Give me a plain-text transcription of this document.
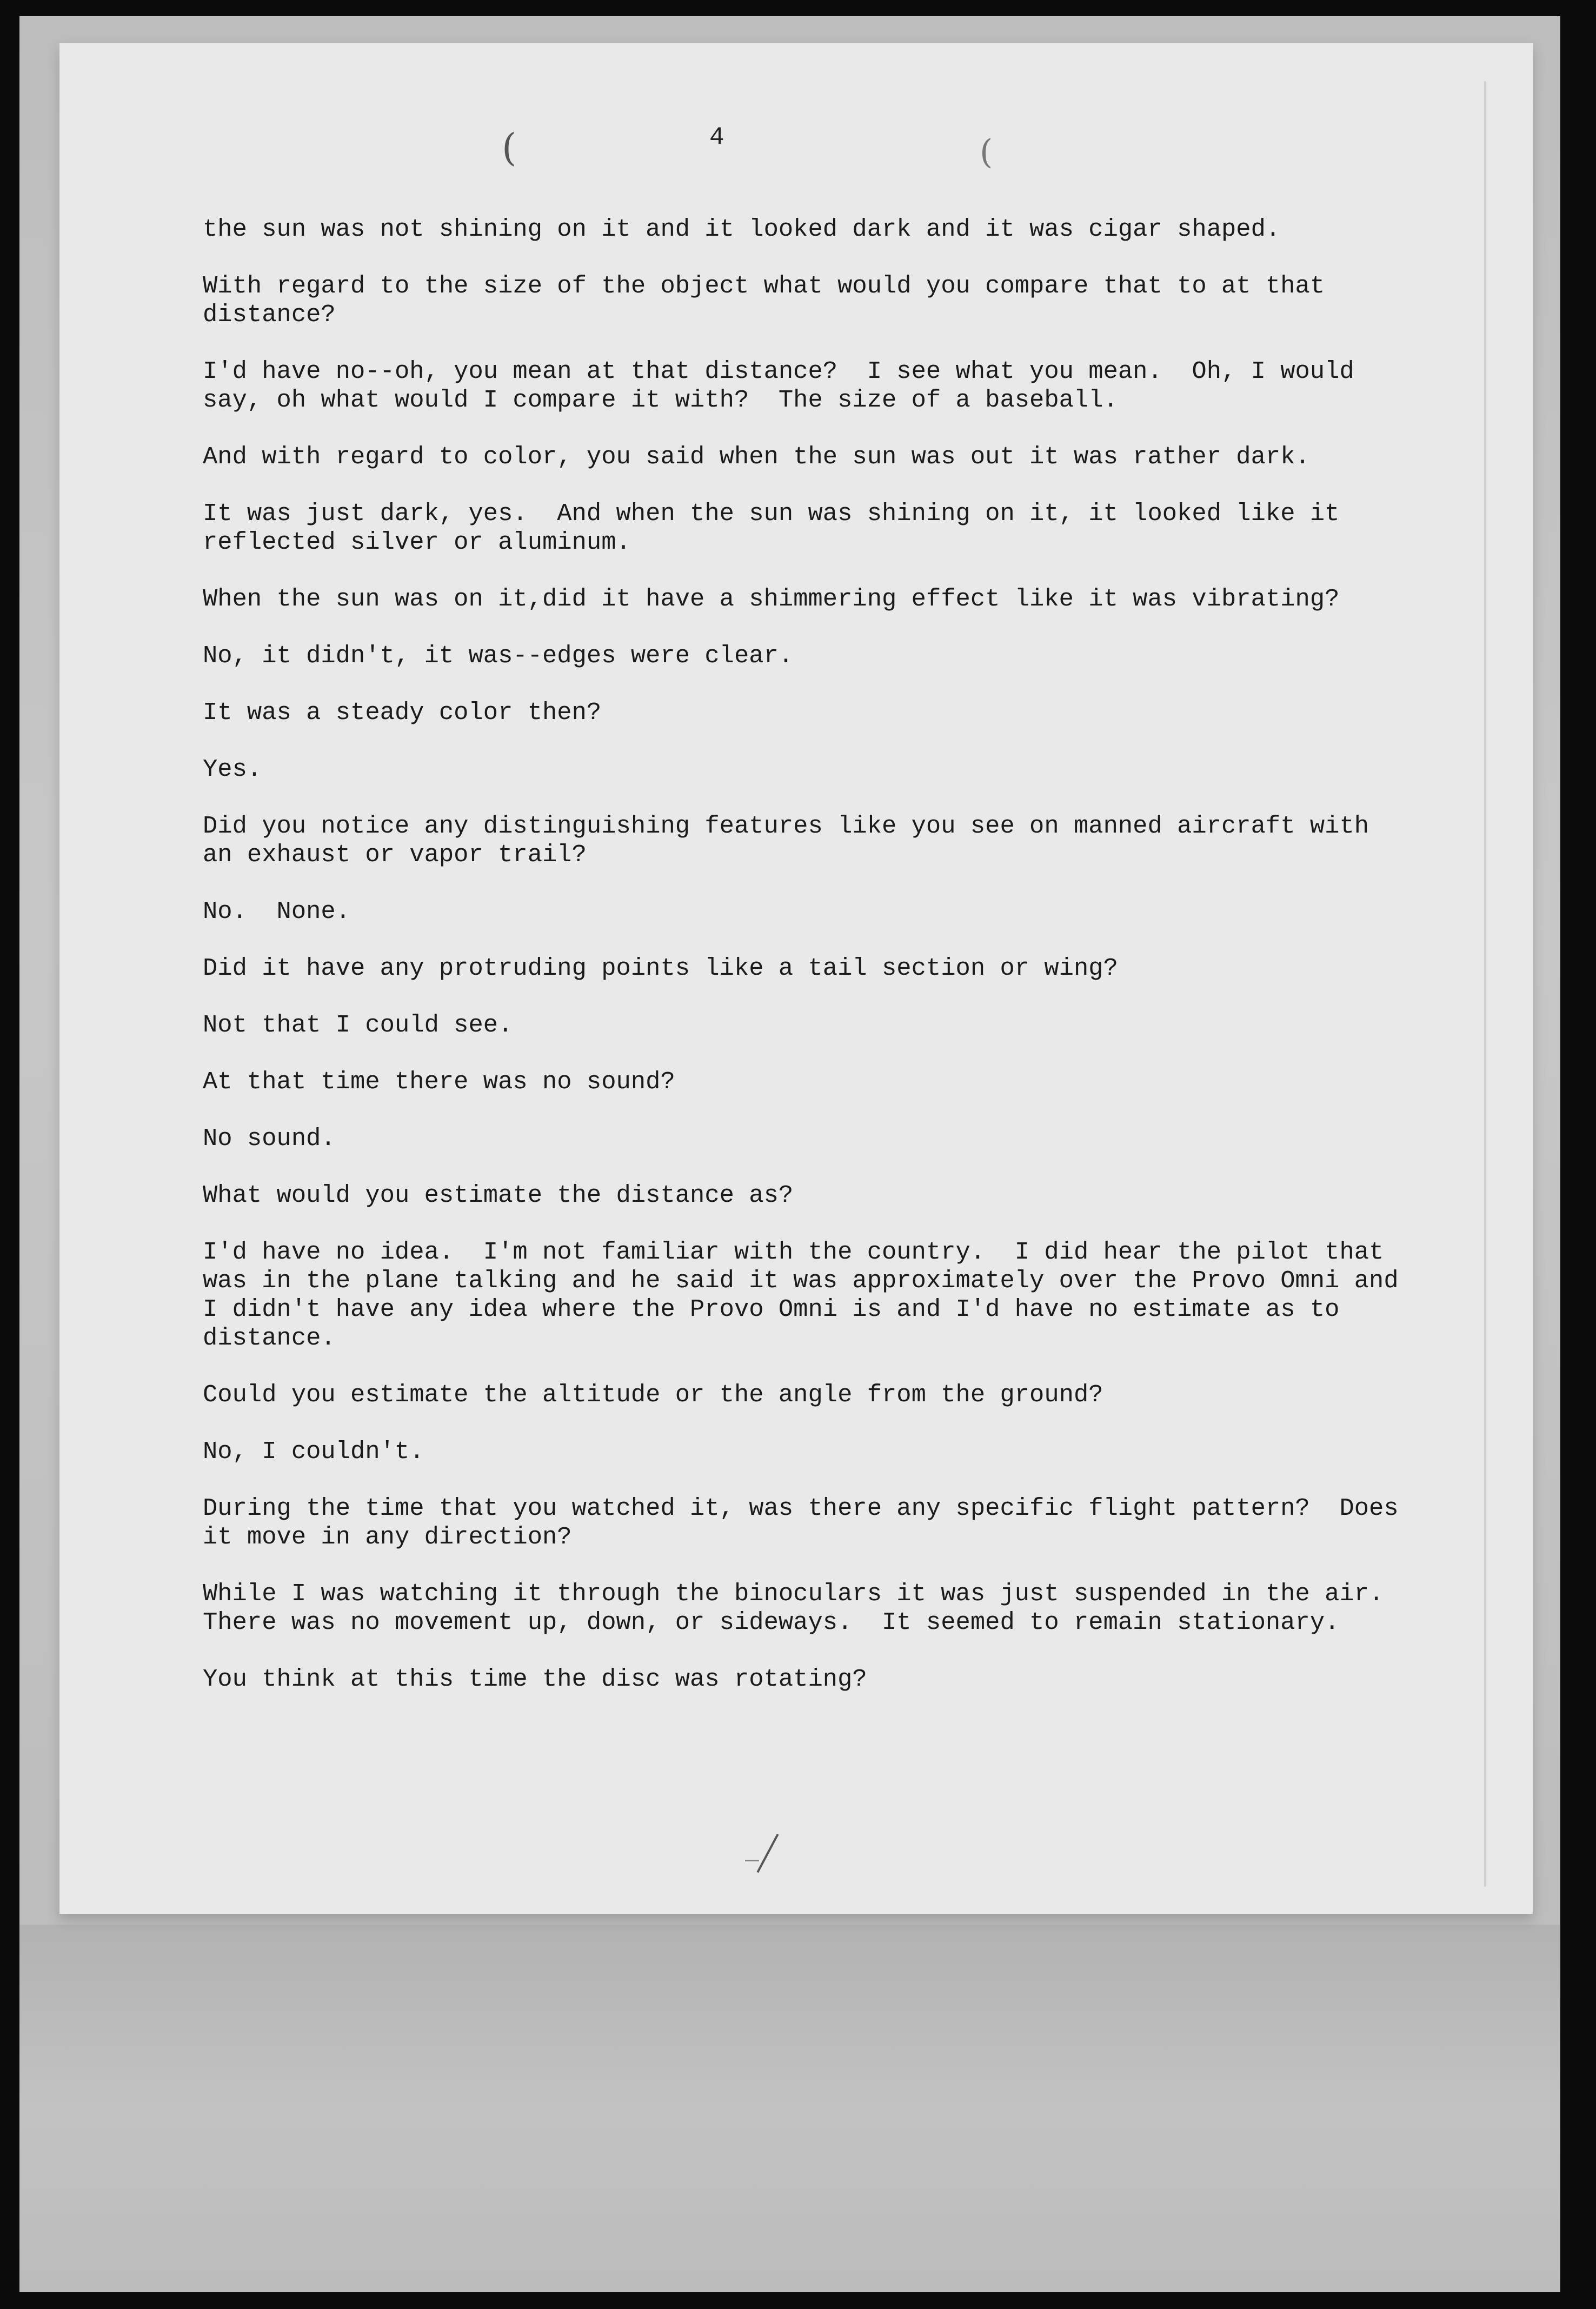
(	(
4

the sun was not shining on it and it looked dark and it was cigar shaped.

With regard to the size of the object what would you compare that to at that
distance?

I'd have no--oh, you mean at that distance?  I see what you mean.  Oh, I would
say, oh what would I compare it with?  The size of a baseball.

And with regard to color, you said when the sun was out it was rather dark.

It was just dark, yes.  And when the sun was shining on it, it looked like it
reflected silver or aluminum.

When the sun was on it,did it have a shimmering effect like it was vibrating?

No, it didn't, it was--edges were clear.

It was a steady color then?

Yes.

Did you notice any distinguishing features like you see on manned aircraft with
an exhaust or vapor trail?

No.  None.

Did it have any protruding points like a tail section or wing?

Not that I could see.

At that time there was no sound?

No sound.

What would you estimate the distance as?

I'd have no idea.  I'm not familiar with the country.  I did hear the pilot that
was in the plane talking and he said it was approximately over the Provo Omni and
I didn't have any idea where the Provo Omni is and I'd have no estimate as to
distance.

Could you estimate the altitude or the angle from the ground?

No, I couldn't.

During the time that you watched it, was there any specific flight pattern?  Does
it move in any direction?

While I was watching it through the binoculars it was just suspended in the air.
There was no movement up, down, or sideways.  It seemed to remain stationary.

You think at this time the disc was rotating?
